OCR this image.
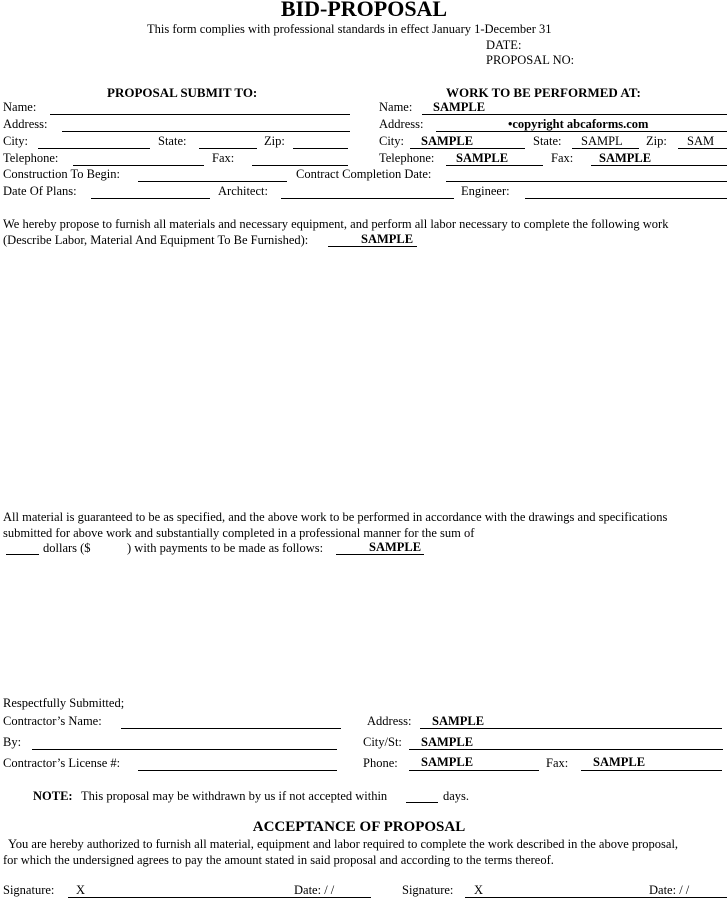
BID-PROPOSAL
This form complies with professional standards in effect January 1-December 31
DATE:
PROPOSAL NO:
PROPOSAL SUBMIT TO:	WORK TO BE PERFORMED AT:
Name:
Address:
City:	State:	Zip:
Telephone:	Fax:
Name: SAMPLE
Address:	•copyright abcaforms.com
City: SAMPLE	State: SAMPL Zip: SAM
Telephone: SAMPLE	Fax: SAMPLE
Construction To Begin:	Contract Completion Date:
Date Of Plans:	Architect:	Engineer:
We hereby propose to furnish all materials and necessary equipment, and perform all labor necessary to complete the following work
(Describe Labor, Material And Equipment To Be Furnished):	SAMPLE
All material is guaranteed to be as specified, and the above work to be performed in accordance with the drawings and specifications
submitted for above work and substantially completed in a professional manner for the sum of
dollars ($	) with payments to be made as follows:	SAMPLE
Respectfully Submitted;
Contractor’s Name:	Address: SAMPLE
By:	City/St: SAMPLE
Contractor’s License #:	Phone: SAMPLE	Fax: SAMPLE
NOTE: This proposal may be withdrawn by us if not accepted within	days.
ACCEPTANCE OF PROPOSAL
You are hereby authorized to furnish all material, equipment and labor required to complete the work described in the above proposal,
for which the undersigned agrees to pay the amount stated in said proposal and according to the terms thereof.
Signature: X	Date: / /	Signature: X	Date: / /
